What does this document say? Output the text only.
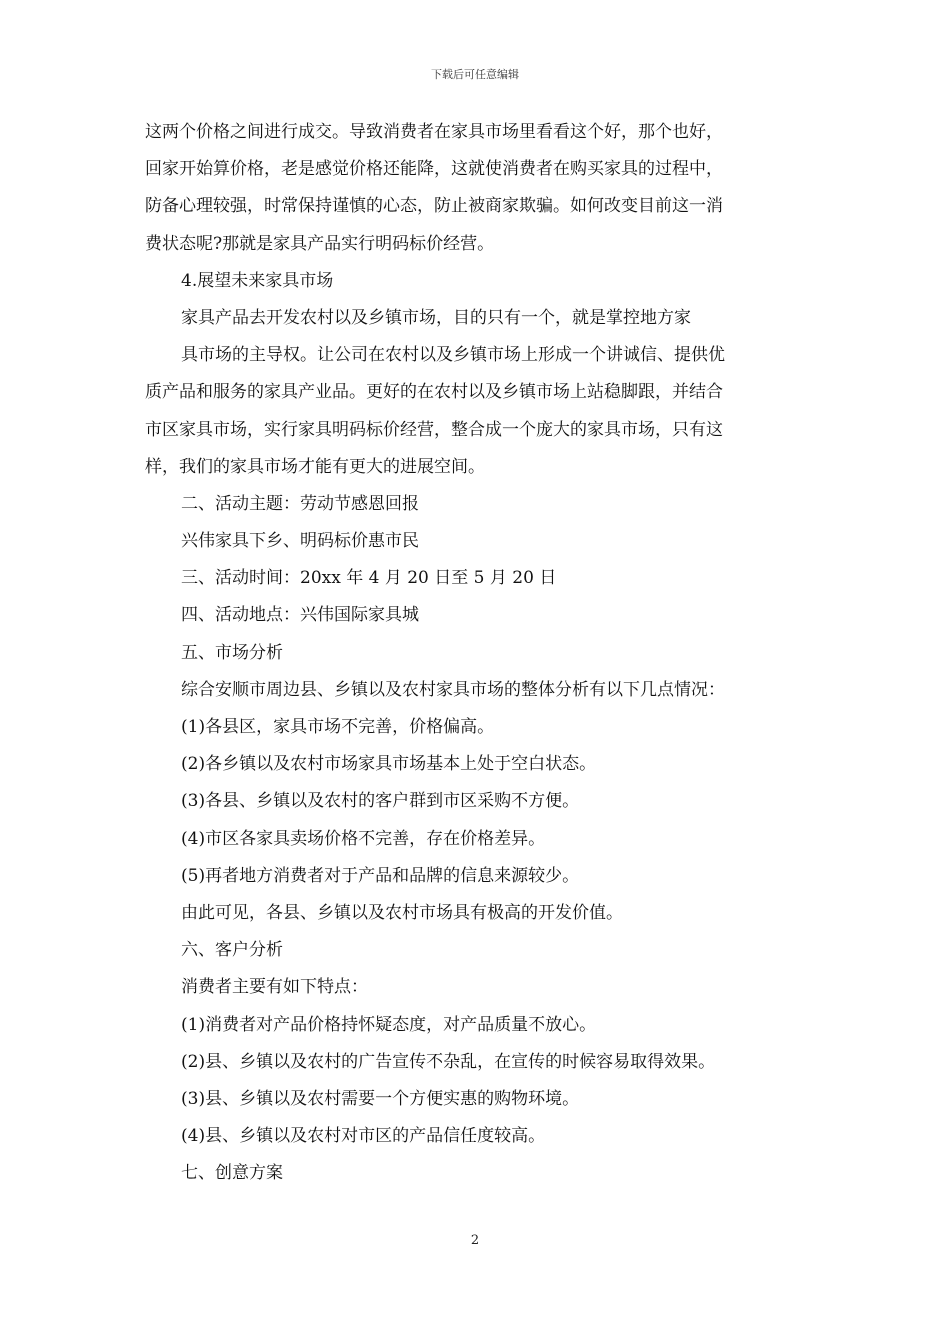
下载后可任意编辑
这两个价格之间进行成交。导致消费者在家具市场里看看这个好，那个也好，
回家开始算价格，老是感觉价格还能降，这就使消费者在购买家具的过程中，
防备心理较强，时常保持谨慎的心态，防止被商家欺骗。如何改变目前这一消
费状态呢?那就是家具产品实行明码标价经营。
4.展望未来家具市场
家具产品去开发农村以及乡镇市场，目的只有一个，就是掌控地方家
具市场的主导权。让公司在农村以及乡镇市场上形成一个讲诚信、提供优
质产品和服务的家具产业品。更好的在农村以及乡镇市场上站稳脚跟，并结合
市区家具市场，实行家具明码标价经营，整合成一个庞大的家具市场，只有这
样，我们的家具市场才能有更大的进展空间。
二、活动主题：劳动节感恩回报
兴伟家具下乡、明码标价惠市民
三、活动时间：20xx 年 4 月 20 日至 5 月 20 日
四、活动地点：兴伟国际家具城
五、市场分析
综合安顺市周边县、乡镇以及农村家具市场的整体分析有以下几点情况：
(1)各县区，家具市场不完善，价格偏高。
(2)各乡镇以及农村市场家具市场基本上处于空白状态。
(3)各县、乡镇以及农村的客户群到市区采购不方便。
(4)市区各家具卖场价格不完善，存在价格差异。
(5)再者地方消费者对于产品和品牌的信息来源较少。
由此可见，各县、乡镇以及农村市场具有极高的开发价值。
六、客户分析
消费者主要有如下特点：
(1)消费者对产品价格持怀疑态度，对产品质量不放心。
(2)县、乡镇以及农村的广告宣传不杂乱，在宣传的时候容易取得效果。
(3)县、乡镇以及农村需要一个方便实惠的购物环境。
(4)县、乡镇以及农村对市区的产品信任度较高。
七、创意方案
2
